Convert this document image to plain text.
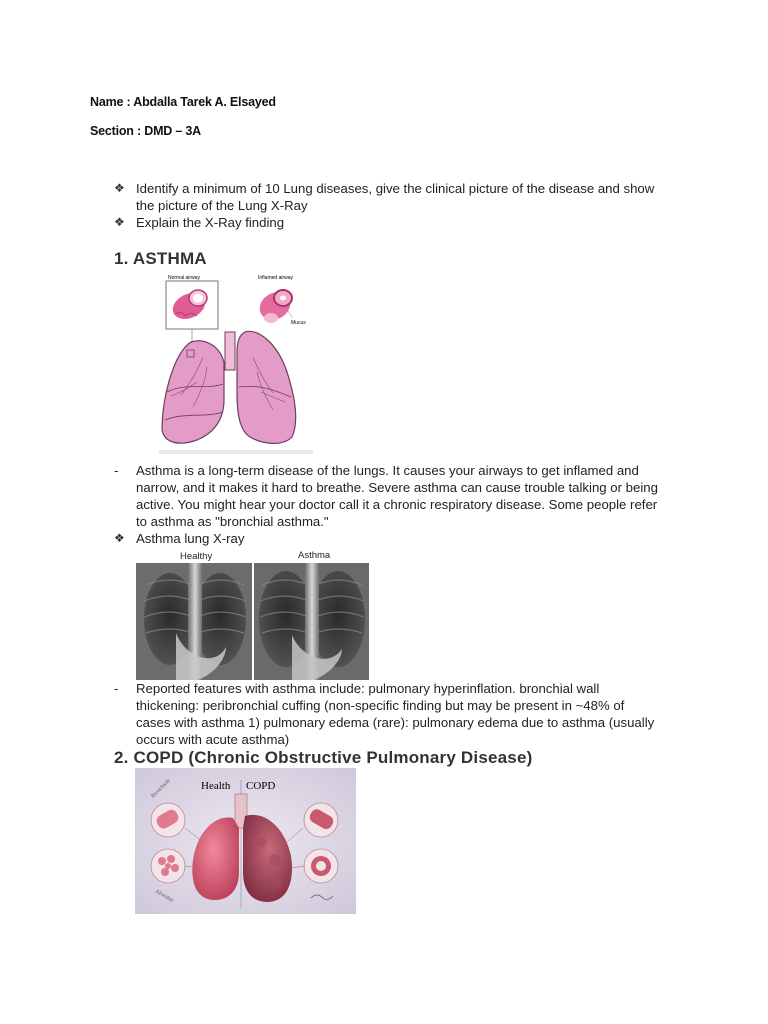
Name : Abdalla Tarek A. Elsayed
Section : DMD – 3A
❖ Identify a minimum of 10 Lung diseases, give the clinical picture of the disease and show
the picture of the Lung X-Ray
❖ Explain the X-Ray finding
1. ASTHMA
Normal airway	Inflamed airway
Mucus
- Asthma is a long-term disease of the lungs. It causes your airways to get inflamed and
narrow, and it makes it hard to breathe. Severe asthma can cause trouble talking or being
active. You might hear your doctor call it a chronic respiratory disease. Some people refer
to asthma as "bronchial asthma."
❖ Asthma lung X-ray
Healthy	Asthma
- Reported features with asthma include: pulmonary hyperinflation. bronchial wall
thickening: peribronchial cuffing (non-specific finding but may be present in ~48% of
cases with asthma 1) pulmonary edema (rare): pulmonary edema due to asthma (usually
occurs with acute asthma)
2. COPD (Chronic Obstructive Pulmonary Disease)
Health COPD
Bronchiole
Alveolus
